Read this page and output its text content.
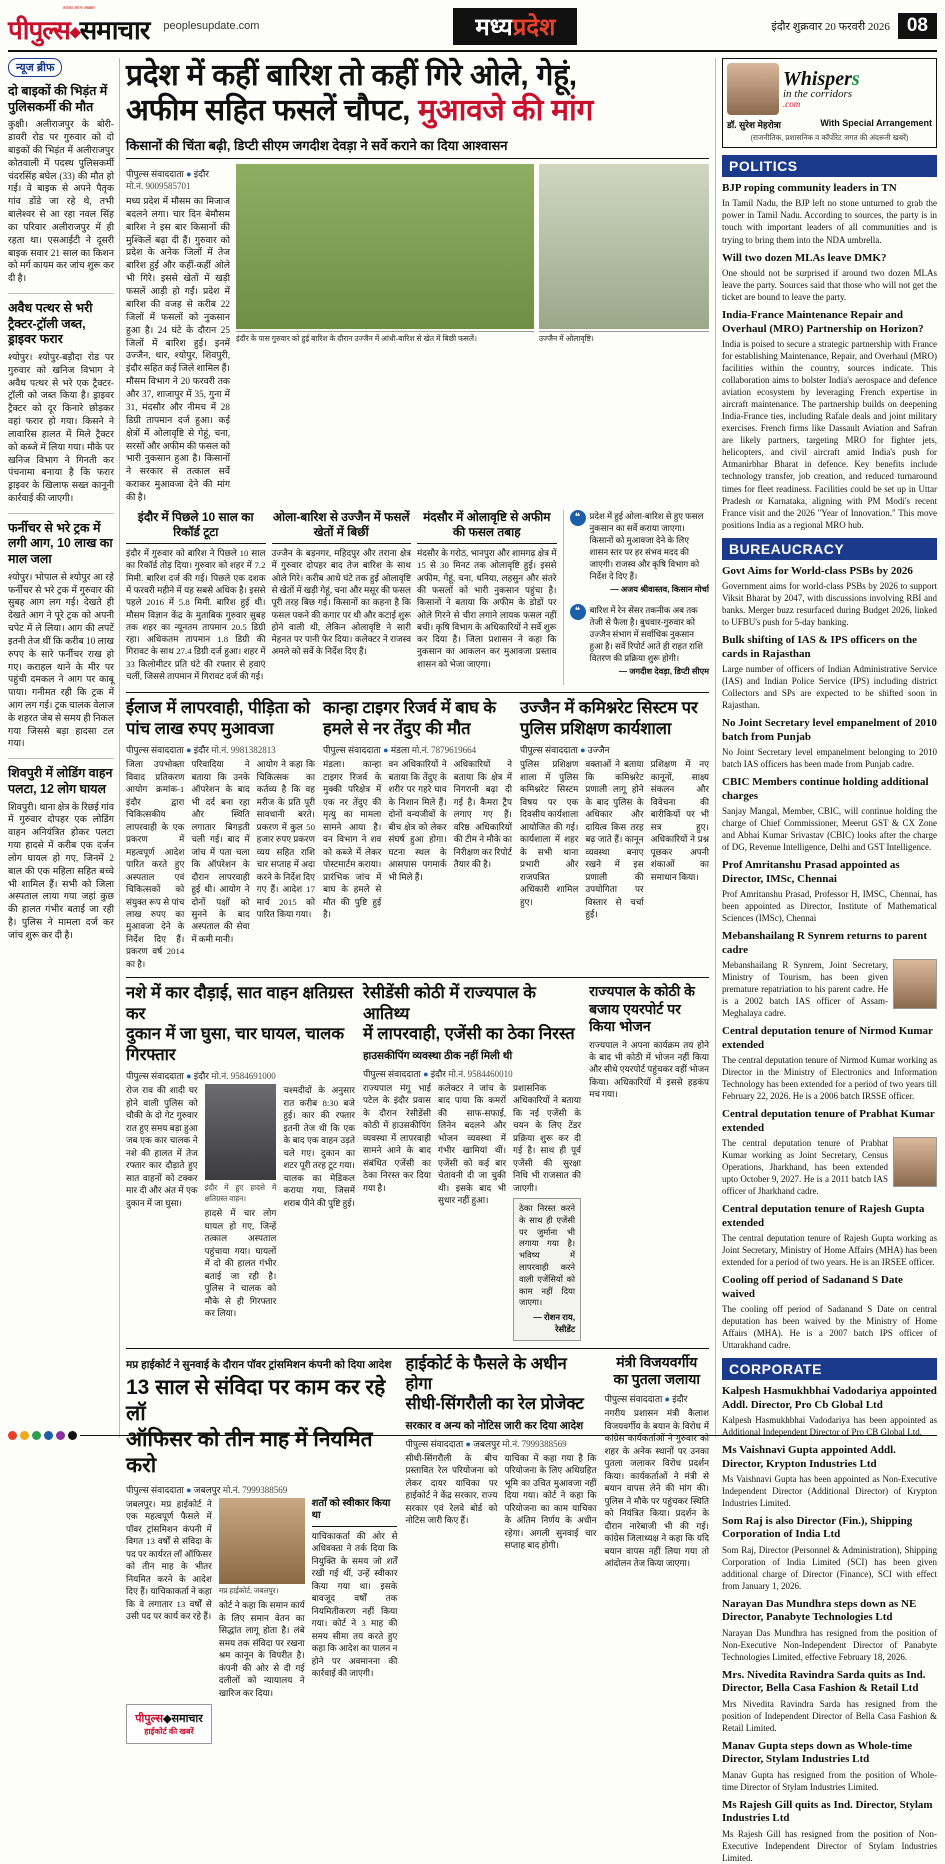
आपका अपना अखबार
पीपुल्स◆समाचार peoplesupdate.com	मध्यप्रदेश	इंदौर शुक्रवार 20 फरवरी 2026 08
न्यूज ब्रीफ
दो बाइकों की भिड़ंत में पुलिसकर्मी की मौत
कुक्षी। अलीराजपुर के बोरी-डावरी रोड पर गुरुवार को दो बाइकों की भिड़ंत में अलीराजपुर कोतवाली में पदस्थ पुलिसकर्मी चंदरसिंह बघेल (33) की मौत हो गई। वे बाइक से अपने पैतृक गांव डोंडे जा रहे थे, तभी बालेश्वर से आ रहा नवल सिंह का परिवार अलीराजपुर में ही रहता था। एसआईटी ने दूसरी बाइक सवार 21 साल का किशन को मर्ग कायम कर जांच शुरू कर दी है।
अवैध पत्थर से भरी ट्रैक्टर-ट्रॉली जब्त, ड्राइवर फरार
श्योपुर। श्योपुर-बड़ौदा रोड पर गुरुवार को खनिज विभाग ने अवैध पत्थर से भरे एक ट्रैक्टर-ट्रॉली को जब्त किया है। ड्राइवर ट्रैक्टर को दूर किनारे छोड़कर वहां फरार हो गया। किसने ने लावारिस हालत में मिले ट्रैक्टर को कब्जे में लिया गया। मौके पर खनिज विभाग ने गिनती कर पंचनामा बनाया है कि फरार ड्राइवर के खिलाफ सख्त कानूनी कार्रवाई की जाएगी।
फर्नीचर से भरे ट्रक में लगी आग, 10 लाख का माल जला
श्योपुर। भोपाल से श्योपुर आ रहे फर्नीचर से भरे ट्रक में गुरुवार की सुबह आग लग गई। देखते ही देखते आग ने पूरे ट्रक को अपनी चपेट में ले लिया। आग की लपटें इतनी तेज थीं कि करीब 10 लाख रुपए के सारे फर्नीचर राख हो गए। कराहल थाने के मीर पर पहुंची दमकल ने आग पर काबू पाया। गनीमत रही कि ट्रक में आग लग गई। ट्रक चालक वेलाज के शहरत जेब से समय ही निकल गया जिससे बड़ा हादसा टल गया।
शिवपुरी में लोडिंग वाहन पलटा, 12 लोग घायल
शिवपुरी। थाना क्षेत्र के रिछई गांव में गुरुवार दोपहर एक लोडिंग वाहन अनियंत्रित होकर पलटा गया हादसे में करीब एक दर्जन लोग घायल हो गए, जिनमें 2 बाल की एक महिला सहित बच्चे भी शामिल हैं। सभी को जिला अस्पताल लाया गया जहां कुछ की हालत गंभीर बताई जा रही है। पुलिस ने मामला दर्ज कर जांच शुरू कर दी है।
प्रदेश में कहीं बारिश तो कहीं गिरे ओले, गेहूं,
अफीम सहित फसलें चौपट, मुआवजे की मांग
किसानों की चिंता बढ़ी, डिप्टी सीएम जगदीश देवड़ा ने सर्वे कराने का दिया आश्वासन
पीपुल्स संवाददाता ● इंदौर
मो.नं. 9009585701
मध्य प्रदेश में मौसम का मिजाज बदलने लगा। चार दिन बेमौसम बारिश ने इस बार किसानों की मुश्किलें बढ़ा दी हैं। गुरुवार को प्रदेश के अनेक जिलों में तेज बारिश हुई और कहीं-कहीं ओले भी गिरे। इससे खेतों में खड़ी फसलें आड़ी हो गईं। प्रदेश में बारिश की वजह से करीब 22 जिलों में फसलों को नुकसान हुआ है। 24 घंटे के दौरान 25 जिलों में बारिश हुई। इनमें उज्जैन, धार, श्योपुर, शिवपुरी, इंदौर सहित कई जिले शामिल हैं। मौसम विभाग ने 20 फरवरी तक और 37, शाजापुर में 35, गुना में 31, मंदसौर और नीमच में 28 डिग्री तापमान दर्ज हुआ। कई क्षेत्रों में ओलावृष्टि से गेहूं, चना, सरसों और अफीम की फसल को भारी नुकसान हुआ है। किसानों ने सरकार से तत्काल सर्वे कराकर मुआवजा देने की मांग की है।
इंदौर के पास गुरुवार को हुई बारिश के दौरान उज्जैन में आंधी-बारिश से खेत में बिछी फसलें।	उज्जैन में ओलावृष्टि।
इंदौर में पिछले 10 साल का रिकॉर्ड टूटा
इंदौर में गुरुवार को बारिश ने पिछले 10 साल का रिकॉर्ड तोड़ दिया। गुरुवार को शहर में 7.2 मिमी. बारिश दर्ज की गई। पिछले एक दशक में फरवरी महीने में यह सबसे अधिक है। इससे पहले 2016 में 5.8 मिमी. बारिश हुई थी। मौसम विज्ञान केंद्र के मुताबिक गुरुवार सुबह तक शहर का न्यूनतम तापमान 20.5 डिग्री रहा। अधिकतम तापमान 1.8 डिग्री की गिरावट के साथ 27.4 डिग्री दर्ज हुआ। शहर में 33 किलोमीटर प्रति घंटे की रफ्तार से हवाएं चलीं, जिससे तापमान में गिरावट दर्ज की गई।
ओला-बारिश से उज्जैन में फसलें खेतों में बिछीं
उज्जैन के बड़नगर, महिदपुर और तराना क्षेत्र में गुरुवार दोपहर बाद तेज बारिश के साथ ओले गिरे। करीब आधे घंटे तक हुई ओलावृष्टि से खेतों में खड़ी गेहूं, चना और मसूर की फसल पूरी तरह बिछ गई। किसानों का कहना है कि फसल पकने की कगार पर थी और कटाई शुरू होने वाली थी, लेकिन ओलावृष्टि ने सारी मेहनत पर पानी फेर दिया। कलेक्टर ने राजस्व अमले को सर्वे के निर्देश दिए हैं।
मंदसौर में ओलावृष्टि से अफीम की फसल तबाह
मंदसौर के गरोठ, भानपुरा और शामगढ़ क्षेत्र में 15 से 30 मिनट तक ओलावृष्टि हुई। इससे अफीम, गेहूं, चना, धनिया, लहसुन और संतरे की फसलों को भारी नुकसान पहुंचा है। किसानों ने बताया कि अफीम के डोडों पर ओले गिरने से चीरा लगाने लायक फसल नहीं बची। कृषि विभाग के अधिकारियों ने सर्वे शुरू कर दिया है। जिला प्रशासन ने कहा कि नुकसान का आकलन कर मुआवजा प्रस्ताव शासन को भेजा जाएगा।
❝	प्रदेश में हुई ओला-बारिश से हुए फसल नुकसान का सर्वे कराया जाएगा। किसानों को मुआवजा देने के लिए शासन स्तर पर हर संभव मदद की जाएगी। राजस्व और कृषि विभाग को निर्देश दे दिए हैं।
— अजय श्रीवास्तव, किसान मोर्चा
❝	बारिश में रेन सेंसर तकनीक अब तक तेजी से फैला है। बुधवार-गुरुवार को उज्जैन संभाग में सर्वाधिक नुकसान हुआ है। सर्वे रिपोर्ट आते ही राहत राशि वितरण की प्रक्रिया शुरू होगी।
— जगदीश देवड़ा, डिप्टी सीएम
ईलाज में लापरवाही, पीड़िता को पांच लाख रुपए मुआवजा
पीपुल्स संवाददाता ● इंदौर मो.नं. 9981382813
जिला उपभोक्ता विवाद प्रतिकरण आयोग क्रमांक-1 इंदौर द्वारा चिकित्सकीय लापरवाही के एक प्रकरण में महत्वपूर्ण आदेश पारित करते हुए अस्पताल एवं चिकित्सकों को संयुक्त रूप से पांच लाख रुपए का मुआवजा देने के निर्देश दिए हैं। प्रकरण वर्ष 2014 का है।
परिवादिया ने बताया कि उनके ऑपरेशन के बाद भी दर्द बना रहा और स्थिति लगातार बिगड़ती चली गई। बाद में जांच में पता चला कि ऑपरेशन के दौरान लापरवाही हुई थी। आयोग ने दोनों पक्षों को सुनने के बाद अस्पताल की सेवा में कमी मानी।
आयोग ने कहा कि चिकित्सक का कर्तव्य है कि वह मरीज के प्रति पूरी सावधानी बरते। प्रकरण में कुल 50 हजार रुपए प्रकरण व्यय सहित राशि चार सप्ताह में अदा करने के निर्देश दिए गए हैं। आदेश 17 मार्च 2015 को पारित किया गया।
कान्हा टाइगर रिजर्व में बाघ के हमले से नर तेंदुए की मौत
पीपुल्स संवाददाता ● मंडला मो.नं. 7879619664
मंडला। कान्हा टाइगर रिजर्व के मुक्की परिक्षेत्र में एक नर तेंदुए की मृत्यु का मामला सामने आया है। वन विभाग ने शव को कब्जे में लेकर पोस्टमार्टम कराया। प्रारंभिक जांच में बाघ के हमले से मौत की पुष्टि हुई है।
वन अधिकारियों ने बताया कि तेंदुए के शरीर पर गहरे घाव के निशान मिले हैं। दोनों वन्यजीवों के बीच क्षेत्र को लेकर संघर्ष हुआ होगा। घटना स्थल के आसपास पगमार्क भी मिले हैं।
अधिकारियों ने बताया कि क्षेत्र में निगरानी बढ़ा दी गई है। कैमरा ट्रैप लगाए गए हैं। वरिष्ठ अधिकारियों की टीम ने मौके का निरीक्षण कर रिपोर्ट तैयार की है।
उज्जैन में कमिश्नरेट सिस्टम पर पुलिस प्रशिक्षण कार्यशाला
पीपुल्स संवाददाता ● उज्जैन
पुलिस प्रशिक्षण शाला में पुलिस कमिश्नरेट सिस्टम विषय पर एक दिवसीय कार्यशाला आयोजित की गई। कार्यशाला में शहर के सभी थाना प्रभारी और राजपत्रित अधिकारी शामिल हुए।
वक्ताओं ने बताया कि कमिश्नरेट प्रणाली लागू होने के बाद पुलिस के अधिकार और दायित्व किस तरह बढ़ जाते हैं। कानून व्यवस्था बनाए रखने में इस प्रणाली की उपयोगिता पर विस्तार से चर्चा हुई।
प्रशिक्षण में नए कानूनों, साक्ष्य संकलन और विवेचना की बारीकियों पर भी सत्र हुए। अधिकारियों ने प्रश्न पूछकर अपनी शंकाओं का समाधान किया।
नशे में कार दौड़ाई, सात वाहन क्षतिग्रस्त कर
दुकान में जा घुसा, चार घायल, चालक गिरफ्तार
पीपुल्स संवाददाता ● इंदौर मो.नं. 9584691000
रोज राव की शादी घर होने वाली पुलिस को चौकी के दो गेट गुरुवार रात हुए समय बड़ा हुआ जब एक कार चालक ने नशे की हालत में तेज रफ्तार कार दौड़ाते हुए सात वाहनों को टक्कर मार दी और अंत में एक दुकान में जा घुसा।
इंदौर में हुए हादसे में क्षतिग्रस्त वाहन।
हादसे में चार लोग घायल हो गए, जिन्हें तत्काल अस्पताल पहुंचाया गया। घायलों में दो की हालत गंभीर बताई जा रही है। पुलिस ने चालक को मौके से ही गिरफ्तार कर लिया।
चश्मदीदों के अनुसार रात करीब 8:30 बजे हुई। कार की रफ्तार इतनी तेज थी कि एक के बाद एक वाहन उड़ते चले गए। दुकान का शटर पूरी तरह टूट गया। चालक का मेडिकल कराया गया, जिसमें शराब पीने की पुष्टि हुई।
रेसीडेंसी कोठी में राज्यपाल के आतिथ्य
में लापरवाही, एजेंसी का ठेका निरस्त
हाउसकीपिंग व्यवस्था ठीक नहीं मिली थी
पीपुल्स संवाददाता ● इंदौर मो.नं. 9584460010
राज्यपाल मंगू भाई पटेल के इंदौर प्रवास के दौरान रेसीडेंसी कोठी में हाउसकीपिंग व्यवस्था में लापरवाही सामने आने के बाद संबंधित एजेंसी का ठेका निरस्त कर दिया गया है।
कलेक्टर ने जांच के बाद पाया कि कमरों की साफ-सफाई, लिनेन बदलने और भोजन व्यवस्था में गंभीर खामियां थीं। एजेंसी को कई बार चेतावनी दी जा चुकी थी। इसके बाद भी सुधार नहीं हुआ।
प्रशासनिक अधिकारियों ने बताया कि नई एजेंसी के चयन के लिए टेंडर प्रक्रिया शुरू कर दी गई है। साथ ही पूर्व एजेंसी की सुरक्षा निधि भी राजसात की जाएगी।
ठेका निरस्त करने के साथ ही एजेंसी पर जुर्माना भी लगाया गया है। भविष्य में लापरवाही करने वाली एजेंसियों को काम नहीं दिया जाएगा।
— रोशन राय, रेसीडेंट
राज्यपाल के कोठी के बजाय एयरपोर्ट पर किया भोजन
राज्यपाल ने अपना कार्यक्रम तय होने के बाद भी कोठी में भोजन नहीं किया और सीधे एयरपोर्ट पहुंचकर वहीं भोजन किया। अधिकारियों में इससे हड़कंप मच गया।
मप्र हाईकोर्ट ने सुनवाई के दौरान पॉवर ट्रांसमिशन कंपनी को दिया आदेश
13 साल से संविदा पर काम कर रहे लॉ
ऑफिसर को तीन माह में नियमित करो
पीपुल्स संवाददाता ● जबलपुर मो.नं. 7999388569
जबलपुर। मप्र हाईकोर्ट ने एक महत्वपूर्ण फैसले में पॉवर ट्रांसमिशन कंपनी में विगत 13 वर्षों से संविदा के पद पर कार्यरत लॉ ऑफिसर को तीन माह के भीतर नियमित करने के आदेश दिए हैं। याचिकाकर्ता ने कहा कि वे लगातार 13 वर्षों से उसी पद पर कार्य कर रहे हैं।
मप्र हाईकोर्ट, जबलपुर।
कोर्ट ने कहा कि समान कार्य के लिए समान वेतन का सिद्धांत लागू होता है। लंबे समय तक संविदा पर रखना श्रम कानून के विपरीत है। कंपनी की ओर से दी गई दलीलों को न्यायालय ने खारिज कर दिया।
शर्तों को स्वीकार किया था
याचिकाकर्ता की ओर से अधिवक्ता ने तर्क दिया कि नियुक्ति के समय जो शर्तें रखी गई थीं, उन्हें स्वीकार किया गया था। इसके बावजूद वर्षों तक नियमितीकरण नहीं किया गया। कोर्ट ने 3 माह की समय सीमा तय करते हुए कहा कि आदेश का पालन न होने पर अवमानना की कार्रवाई की जाएगी।
पीपुल्स◆समाचार
हाईकोर्ट की खबरें
हाईकोर्ट के फैसले के अधीन होगा
सीधी-सिंगरौली का रेल प्रोजेक्ट
सरकार व अन्य को नोटिस जारी कर दिया आदेश
पीपुल्स संवाददाता ● जबलपुर मो.नं. 7999388569
सीधी-सिंगरौली के बीच प्रस्तावित रेल परियोजना को लेकर दायर याचिका पर हाईकोर्ट ने केंद्र सरकार, राज्य सरकार एवं रेलवे बोर्ड को नोटिस जारी किए हैं।
याचिका में कहा गया है कि परियोजना के लिए अधिग्रहित भूमि का उचित मुआवजा नहीं दिया गया। कोर्ट ने कहा कि परियोजना का काम याचिका के अंतिम निर्णय के अधीन रहेगा। अगली सुनवाई चार सप्ताह बाद होगी।
मंत्री विजयवर्गीय
का पुतला जलाया
पीपुल्स संवाददाता ● इंदौर
नगरीय प्रशासन मंत्री कैलाश विजयवर्गीय के बयान के विरोध में कांग्रेस कार्यकर्ताओं ने गुरुवार को शहर के अनेक स्थानों पर उनका पुतला जलाकर विरोध प्रदर्शन किया। कार्यकर्ताओं ने मंत्री से बयान वापस लेने की मांग की। पुलिस ने मौके पर पहुंचकर स्थिति को नियंत्रित किया। प्रदर्शन के दौरान नारेबाजी भी की गई। कांग्रेस जिलाध्यक्ष ने कहा कि यदि बयान वापस नहीं लिया गया तो आंदोलन तेज किया जाएगा।
Whispers
in the corridors
.com
डॉ. सुरेश मेहरोत्रा	With Special Arrangement
(राजनीतिक, प्रशासनिक व कॉर्पोरेट जगत की अंदरूनी खबरें)
POLITICS
BJP roping community leaders in TN
In Tamil Nadu, the BJP left no stone unturned to grab the power in Tamil Nadu. According to sources, the party is in touch with important leaders of all communities and is trying to bring them into the NDA umbrella.
Will two dozen MLAs leave DMK?
One should not be surprised if around two dozen MLAs leave the party. Sources said that those who will not get the ticket are bound to leave the party.
India-France Maintenance Repair and Overhaul (MRO) Partnership on Horizon?
India is poised to secure a strategic partnership with France for establishing Maintenance, Repair, and Overhaul (MRO) facilities within the country, sources indicate. This collaboration aims to bolster India's aerospace and defence aviation ecosystem by leveraging French expertise in aircraft maintenance. The partnership builds on deepening India-France ties, including Rafale deals and joint military exercises. French firms like Dassault Aviation and Safran are likely partners, targeting MRO for fighter jets, helicopters, and civil aircraft amid India's push for Atmanirbhar Bharat in defence. Key benefits include technology transfer, job creation, and reduced turnaround times for fleet readiness. Facilities could be set up in Uttar Pradesh or Karnataka, aligning with PM Modi's recent France visit and the 2026 "Year of Innovation." This move positions India as a regional MRO hub.
BUREAUCRACY
Govt Aims for World-class PSBs by 2026
Government aims for world-class PSBs by 2026 to support Viksit Bharat by 2047, with discussions involving RBI and banks. Merger buzz resurfaced during Budget 2026, linked to UFBU's push for 5-day banking.
Bulk shifting of IAS & IPS officers on the cards in Rajasthan
Large number of officers of Indian Administrative Service (IAS) and Indian Police Service (IPS) including district Collectors and SPs are expected to be shifted soon in Rajasthan.
No Joint Secretary level empanelment of 2010 batch from Punjab
No Joint Secretary level empanelment belonging to 2010 batch IAS officers has been made from Punjab cadre.
CBIC Members continue holding additional charges
Sanjay Mangal, Member, CBIC, will continue holding the charge of Chief Commissioner, Meerut GST & CX Zone and Abhai Kumar Srivastav (CBIC) looks after the charge of DG, Revenue Intelligence, Delhi and GST Intelligence.
Prof Amritanshu Prasad appointed as Director, IMSc, Chennai
Prof Amritanshu Prasad, Professor H, IMSC, Chennai, has been appointed as Director, Institute of Mathematical Sciences (IMSc), Chennai
Mebanshailang R Synrem returns to parent cadre
Mebanshailang R Synrem, Joint Secretary, Ministry of Tourism, has been given premature repatriation to his parent cadre. He is a 2002 batch IAS officer of Assam-Meghalaya cadre.
Central deputation tenure of Nirmod Kumar extended
The central deputation tenure of Nirmod Kumar working as Director in the Ministry of Electronics and Information Technology has been extended for a period of two years till February 22, 2026. He is a 2006 batch IRSSE officer.
Central deputation tenure of Prabhat Kumar extended
The central deputation tenure of Prabhat Kumar working as Joint Secretary, Census Operations, Jharkhand, has been extended upto October 9, 2027. He is a 2011 batch IAS officer of Jharkhand cadre.
Central deputation tenure of Rajesh Gupta extended
The central deputation tenure of Rajesh Gupta working as Joint Secretary, Ministry of Home Affairs (MHA) has been extended for a period of two years. He is an IRSEE officer.
Cooling off period of Sadanand S Date waived
The cooling off period of Sadanand S Date on central deputation has been waived by the Ministry of Home Affairs (MHA). He is a 2007 batch IPS officer of Uttarakhand cadre.
CORPORATE
Kalpesh Hasmukhbhai Vadodariya appointed Addl. Director, Pro Cb Global Ltd
Kalpesh Hasmukhbhai Vadodariya has been appointed as Additional Independent Director of Pro CB Global Ltd.
Ms Vaishnavi Gupta appointed Addl. Director, Krypton Industries Ltd
Ms Vaishnavi Gupta has been appointed as Non-Executive Independent Director (Additional Director) of Krypton Industries Limited.
Som Raj is also Director (Fin.), Shipping Corporation of India Ltd
Som Raj, Director (Personnel & Administration), Shipping Corporation of India Limited (SCI) has been given additional charge of Director (Finance), SCI with effect from January 1, 2026.
Narayan Das Mundhra steps down as NE Director, Panabyte Technologies Ltd
Narayan Das Mundhra has resigned from the position of Non-Executive Non-Independent Director of Panabyte Technologies Limited, effective February 18, 2026.
Mrs. Nivedita Ravindra Sarda quits as Ind. Director, Bella Casa Fashion & Retail Ltd
Mrs Nivedita Ravindra Sarda has resigned from the position of Independent Director of Bella Casa Fashion & Retail Limited.
Manav Gupta steps down as Whole-time Director, Stylam Industries Ltd
Manav Gupta has resigned from the position of Whole-time Director of Stylam Industries Limited.
Ms Rajesh Gill quits as Ind. Director, Stylam Industries Ltd
Ms Rajesh Gill has resigned from the position of Non-Executive Independent Director of Stylam Industries Limited.
